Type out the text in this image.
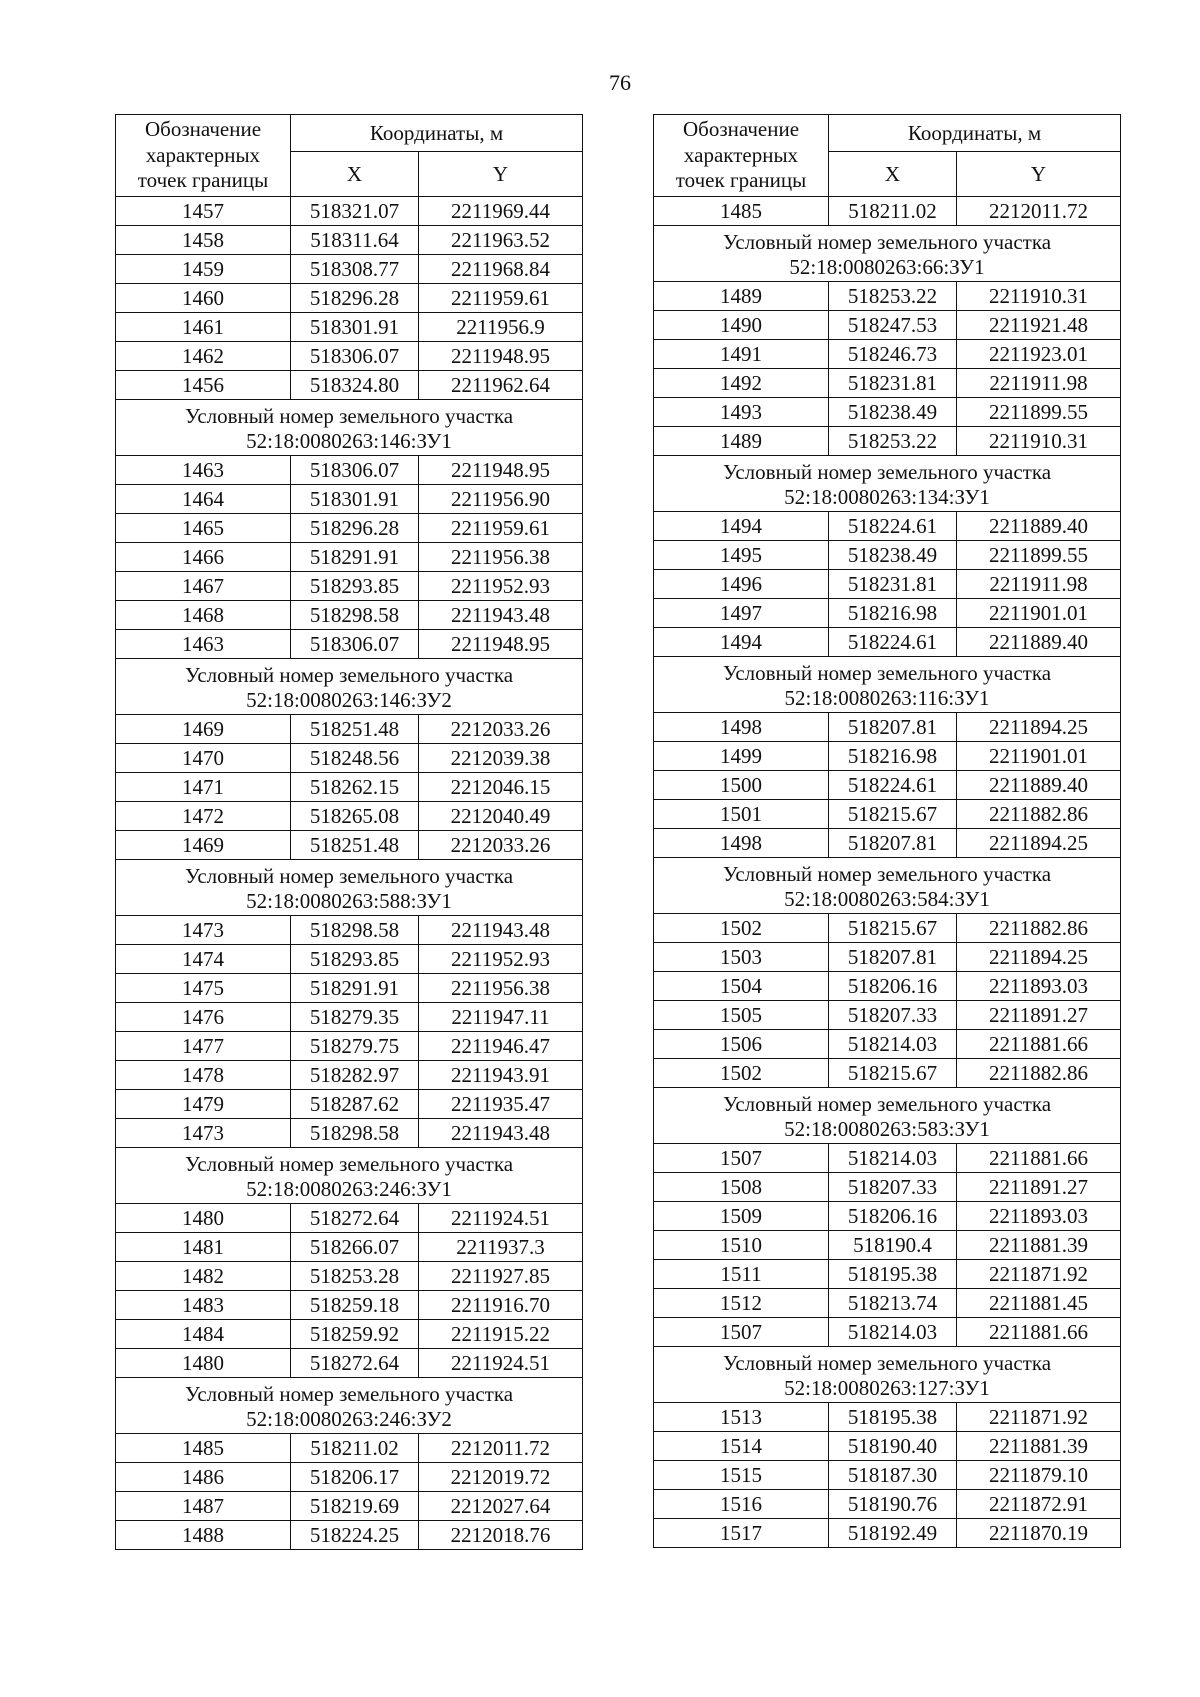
76
Обозначение
характерных
точек границы	Координаты, м	
	X	Y
1457	518321.07	2211969.44
1458	518311.64	2211963.52
1459	518308.77	2211968.84
1460	518296.28	2211959.61
1461	518301.91	2211956.9
1462	518306.07	2211948.95
1456	518324.80	2211962.64
Условный номер земельного участка
52:18:0080263:146:ЗУ1		
1463	518306.07	2211948.95
1464	518301.91	2211956.90
1465	518296.28	2211959.61
1466	518291.91	2211956.38
1467	518293.85	2211952.93
1468	518298.58	2211943.48
1463	518306.07	2211948.95
Условный номер земельного участка
52:18:0080263:146:ЗУ2		
1469	518251.48	2212033.26
1470	518248.56	2212039.38
1471	518262.15	2212046.15
1472	518265.08	2212040.49
1469	518251.48	2212033.26
Условный номер земельного участка
52:18:0080263:588:ЗУ1		
1473	518298.58	2211943.48
1474	518293.85	2211952.93
1475	518291.91	2211956.38
1476	518279.35	2211947.11
1477	518279.75	2211946.47
1478	518282.97	2211943.91
1479	518287.62	2211935.47
1473	518298.58	2211943.48
Условный номер земельного участка
52:18:0080263:246:ЗУ1		
1480	518272.64	2211924.51
1481	518266.07	2211937.3
1482	518253.28	2211927.85
1483	518259.18	2211916.70
1484	518259.92	2211915.22
1480	518272.64	2211924.51
Условный номер земельного участка
52:18:0080263:246:ЗУ2		
1485	518211.02	2212011.72
1486	518206.17	2212019.72
1487	518219.69	2212027.64
1488	518224.25	2212018.76
Обозначение
характерных
точек границы	Координаты, м	
	X	Y
1485	518211.02	2212011.72
Условный номер земельного участка
52:18:0080263:66:ЗУ1		
1489	518253.22	2211910.31
1490	518247.53	2211921.48
1491	518246.73	2211923.01
1492	518231.81	2211911.98
1493	518238.49	2211899.55
1489	518253.22	2211910.31
Условный номер земельного участка
52:18:0080263:134:ЗУ1		
1494	518224.61	2211889.40
1495	518238.49	2211899.55
1496	518231.81	2211911.98
1497	518216.98	2211901.01
1494	518224.61	2211889.40
Условный номер земельного участка
52:18:0080263:116:ЗУ1		
1498	518207.81	2211894.25
1499	518216.98	2211901.01
1500	518224.61	2211889.40
1501	518215.67	2211882.86
1498	518207.81	2211894.25
Условный номер земельного участка
52:18:0080263:584:ЗУ1		
1502	518215.67	2211882.86
1503	518207.81	2211894.25
1504	518206.16	2211893.03
1505	518207.33	2211891.27
1506	518214.03	2211881.66
1502	518215.67	2211882.86
Условный номер земельного участка
52:18:0080263:583:ЗУ1		
1507	518214.03	2211881.66
1508	518207.33	2211891.27
1509	518206.16	2211893.03
1510	518190.4	2211881.39
1511	518195.38	2211871.92
1512	518213.74	2211881.45
1507	518214.03	2211881.66
Условный номер земельного участка
52:18:0080263:127:ЗУ1		
1513	518195.38	2211871.92
1514	518190.40	2211881.39
1515	518187.30	2211879.10
1516	518190.76	2211872.91
1517	518192.49	2211870.19
